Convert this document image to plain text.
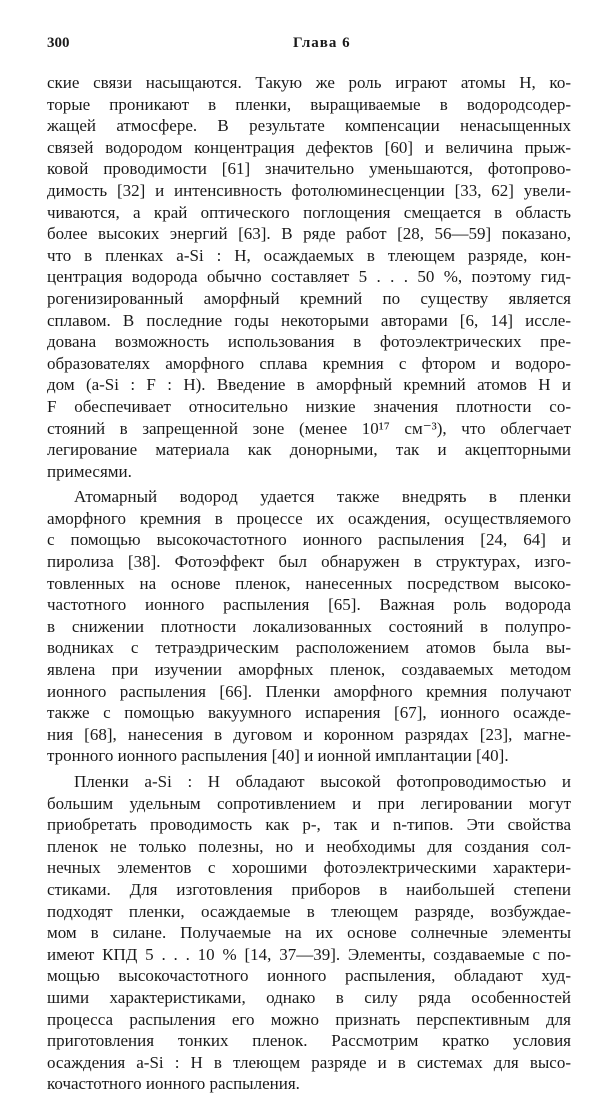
300	Глава 6
ские связи насыщаются. Такую же роль играют атомы H, ко-
торые проникают в пленки, выращиваемые в водородсодер-
жащей атмосфере. В результате компенсации ненасыщенных
связей водородом концентрация дефектов [60] и величина прыж-
ковой проводимости [61] значительно уменьшаются, фотопрово-
димость [32] и интенсивность фотолюминесценции [33, 62] увели-
чиваются, а край оптического поглощения смещается в область
более высоких энергий [63]. В ряде работ [28, 56—59] показано,
что в пленках a-Si : H, осаждаемых в тлеющем разряде, кон-
центрация водорода обычно составляет 5 . . . 50 %, поэтому гид-
рогенизированный аморфный кремний по существу является
сплавом. В последние годы некоторыми авторами [6, 14] иссле-
дована возможность использования в фотоэлектрических пре-
образователях аморфного сплава кремния с фтором и водоро-
дом (a-Si : F : H). Введение в аморфный кремний атомов H и
F обеспечивает относительно низкие значения плотности со-
стояний в запрещенной зоне (менее 10¹⁷ см⁻³), что облегчает
легирование материала как донорными, так и акцепторными
примесями.
Атомарный водород удается также внедрять в пленки
аморфного кремния в процессе их осаждения, осуществляемого
с помощью высокочастотного ионного распыления [24, 64] и
пиролиза [38]. Фотоэффект был обнаружен в структурах, изго-
товленных на основе пленок, нанесенных посредством высоко-
частотного ионного распыления [65]. Важная роль водорода
в снижении плотности локализованных состояний в полупро-
водниках с тетраэдрическим расположением атомов была вы-
явлена при изучении аморфных пленок, создаваемых методом
ионного распыления [66]. Пленки аморфного кремния получают
также с помощью вакуумного испарения [67], ионного осажде-
ния [68], нанесения в дуговом и коронном разрядах [23], магне-
тронного ионного распыления [40] и ионной имплантации [40].
Пленки a-Si : H обладают высокой фотопроводимостью и
большим удельным сопротивлением и при легировании могут
приобретать проводимость как p-, так и n-типов. Эти свойства
пленок не только полезны, но и необходимы для создания сол-
нечных элементов с хорошими фотоэлектрическими характери-
стиками. Для изготовления приборов в наибольшей степени
подходят пленки, осаждаемые в тлеющем разряде, возбуждае-
мом в силане. Получаемые на их основе солнечные элементы
имеют КПД 5 . . . 10 % [14, 37—39]. Элементы, создаваемые с по-
мощью высокочастотного ионного распыления, обладают худ-
шими характеристиками, однако в силу ряда особенностей
процесса распыления его можно признать перспективным для
приготовления тонких пленок. Рассмотрим кратко условия
осаждения a-Si : H в тлеющем разряде и в системах для высо-
кочастотного ионного распыления.
